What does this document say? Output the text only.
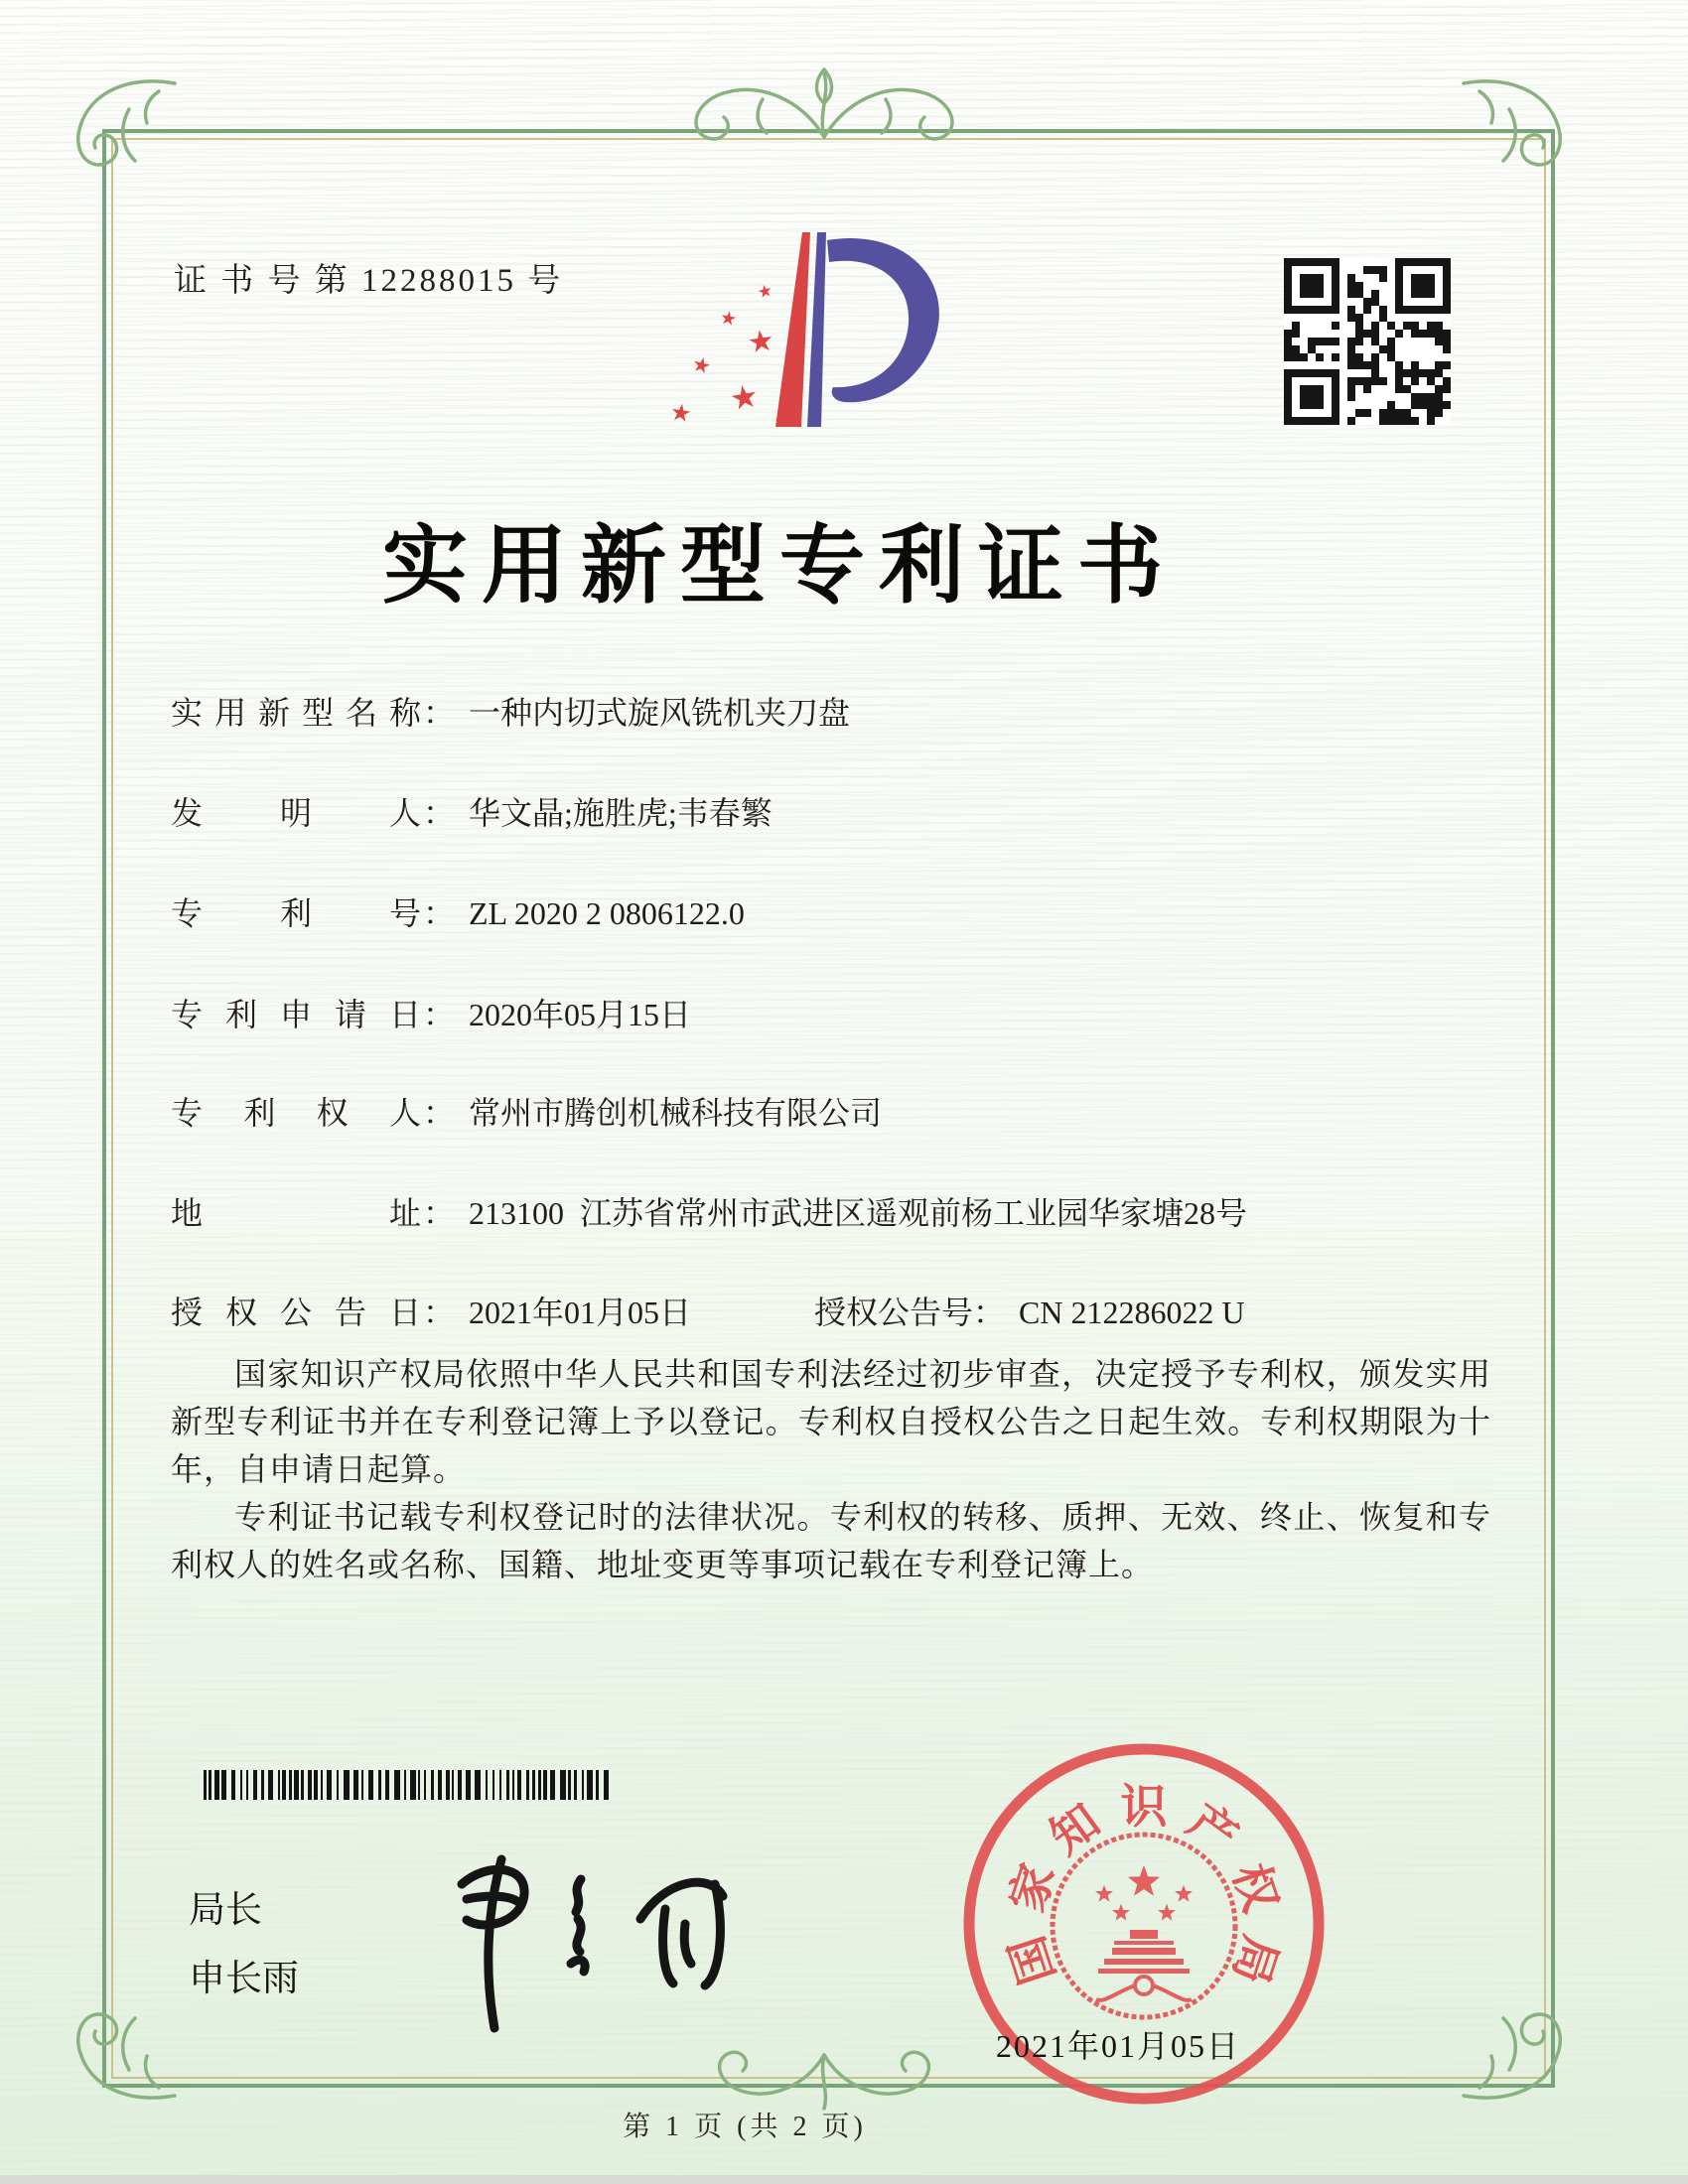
证 书 号 第 12288015 号	★
★
★
★
★
★
实用新型专利证书
实用新型名称： 一种内切式旋风铣机夹刀盘
发明人： 华文晶;施胜虎;韦春繁
专利号： ZL 2020 2 0806122.0
专利申请日： 2020年05月15日
专利权人： 常州市腾创机械科技有限公司
地址： 213100  江苏省常州市武进区遥观前杨工业园华家塘28号
授权公告日： 2021年01月05日	授权公告号： CN 212286022 U

国家知识产权局依照中华人民共和国专利法经过初步审查，决定授予专利权，颁发实用新型专利证书并在专利登记簿上予以登记。专利权自授权公告之日起生效。专利权期限为十年，自申请日起算。

专利证书记载专利权登记时的法律状况。专利权的转移、质押、无效、终止、恢复和专利权人的姓名或名称、国籍、地址变更等事项记载在专利登记簿上。

局长
申长雨	国
家
知 识 产
权
局
2021年01月05日
第 1 页 (共 2 页)
